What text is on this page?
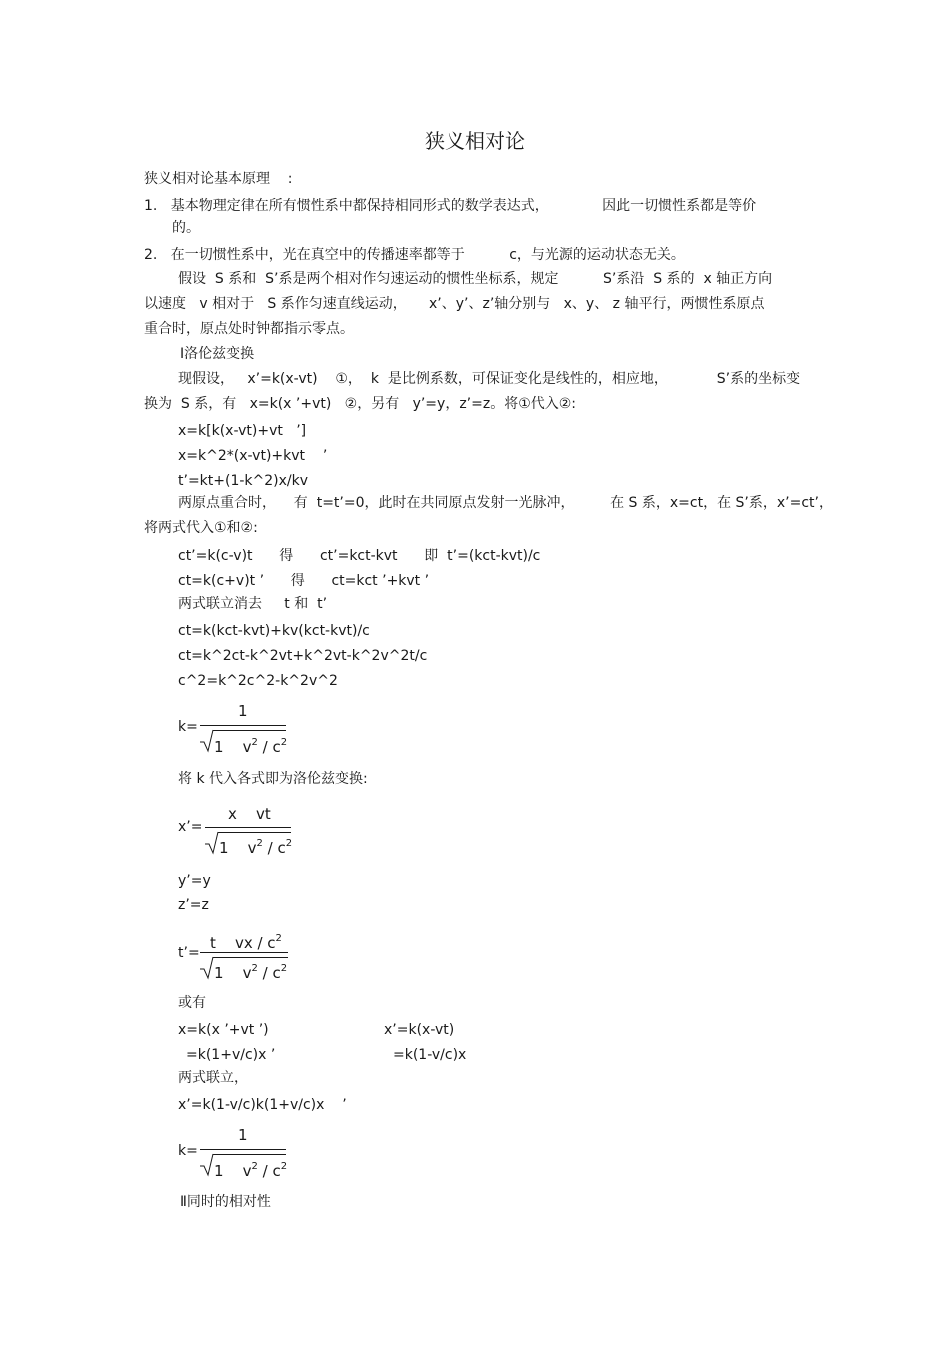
狭义相对论
狭义相对论基本原理    :
1.   基本物理定律在所有惯性系中都保持相同形式的数学表达式，            因此一切惯性系都是等价
的。
2.   在一切惯性系中，光在真空中的传播速率都等于          c，与光源的运动状态无关。
假设  S 系和  S’系是两个相对作匀速运动的惯性坐标系，规定          S’系沿  S 系的  x 轴正方向
以速度   v 相对于   S 系作匀速直线运动，     x’、y’、z’轴分别与   x、y、 z 轴平行，两惯性系原点
重合时，原点处时钟都指示零点。
Ⅰ洛伦兹变换
现假设，   x’=k(x-vt)    ①，  k  是比例系数，可保证变化是线性的，相应地，           S’系的坐标变
换为  S 系，有   x=k(x ’+vt)   ②，另有   y’=y，z’=z。将①代入②:
x=k[k(x-vt)+vt   ’]
x=k^2*(x-vt)+kvt    ’
t’=kt+(1-k^2)x/kv
两原点重合时，    有  t=t’=0，此时在共同原点发射一光脉冲，        在 S 系，x=ct，在 S’系，x’=ct’，
将两式代入①和②:
ct’=k(c-v)t      得      ct’=kct-kvt      即  t’=(kct-kvt)/c
ct=k(c+v)t ’      得      ct=kct ’+kvt ’
两式联立消去     t 和  t’
ct=k(kct-kvt)+kv(kct-kvt)/c
ct=k^2ct-k^2vt+k^2vt-k^2v^2t/c
c^2=k^2c^2-k^2v^2
k=
1
1    $v^2 / c^2$
将 k 代入各式即为洛伦兹变换:
x’=
x    vt
1    $v^2 / c^2$
y’=y
z’=z
t’=
t    vx / $c^2$
1    $v^2 / c^2$
或有
x=k(x ’+vt ’)	x’=k(x-vt)
=k(1+v/c)x ’	=k(1-v/c)x
两式联立，
x’=k(1-v/c)k(1+v/c)x    ’
k=
1
1    $v^2 / c^2$
Ⅱ同时的相对性
